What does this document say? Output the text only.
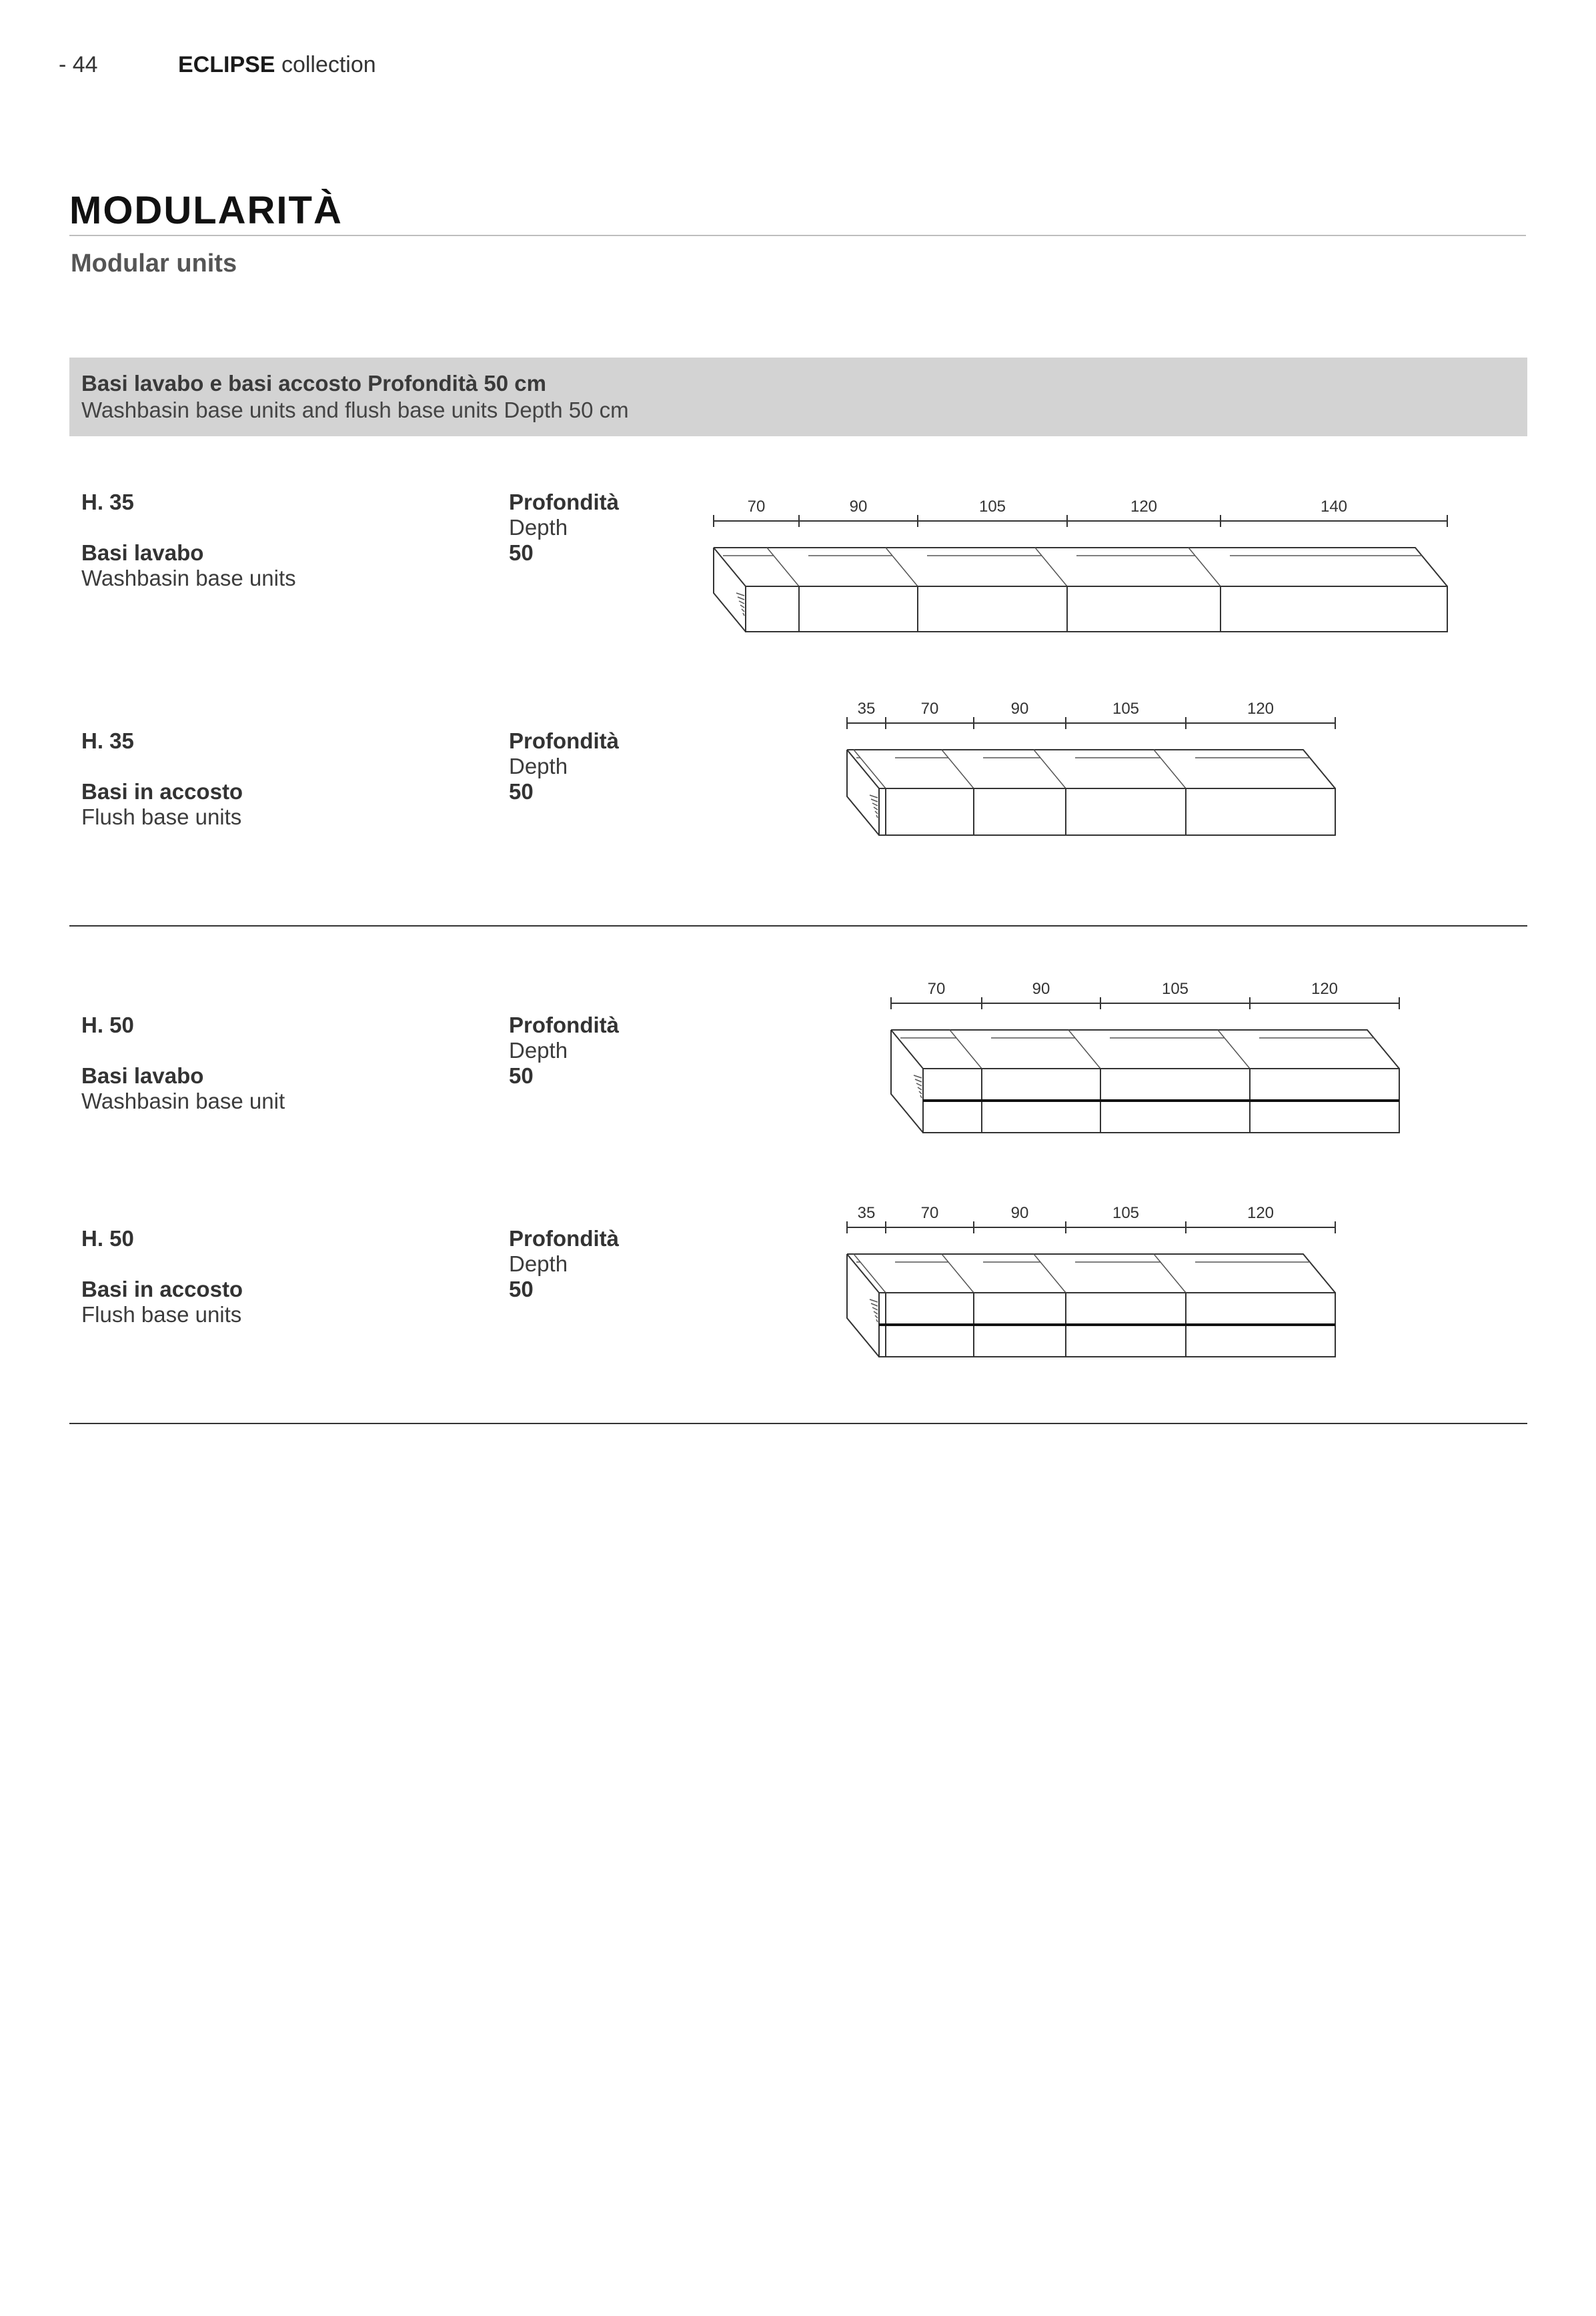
- 44	ECLIPSE collection
MODULARITÀ
Modular units
Basi lavabo e basi accosto Profondità 50 cm
Washbasin base units and flush base units Depth 50 cm
H. 35

Basi lavabo
Washbasin base units
Profondità
Depth
50
70	90	105	120	140
H. 35

Basi in accosto
Flush base units
Profondità
Depth
50
35	70	90	105	120
H. 50

Basi lavabo
Washbasin base unit
Profondità
Depth
50
70	90	105	120
H. 50

Basi in accosto
Flush base units
Profondità
Depth
50
35	70	90	105	120
